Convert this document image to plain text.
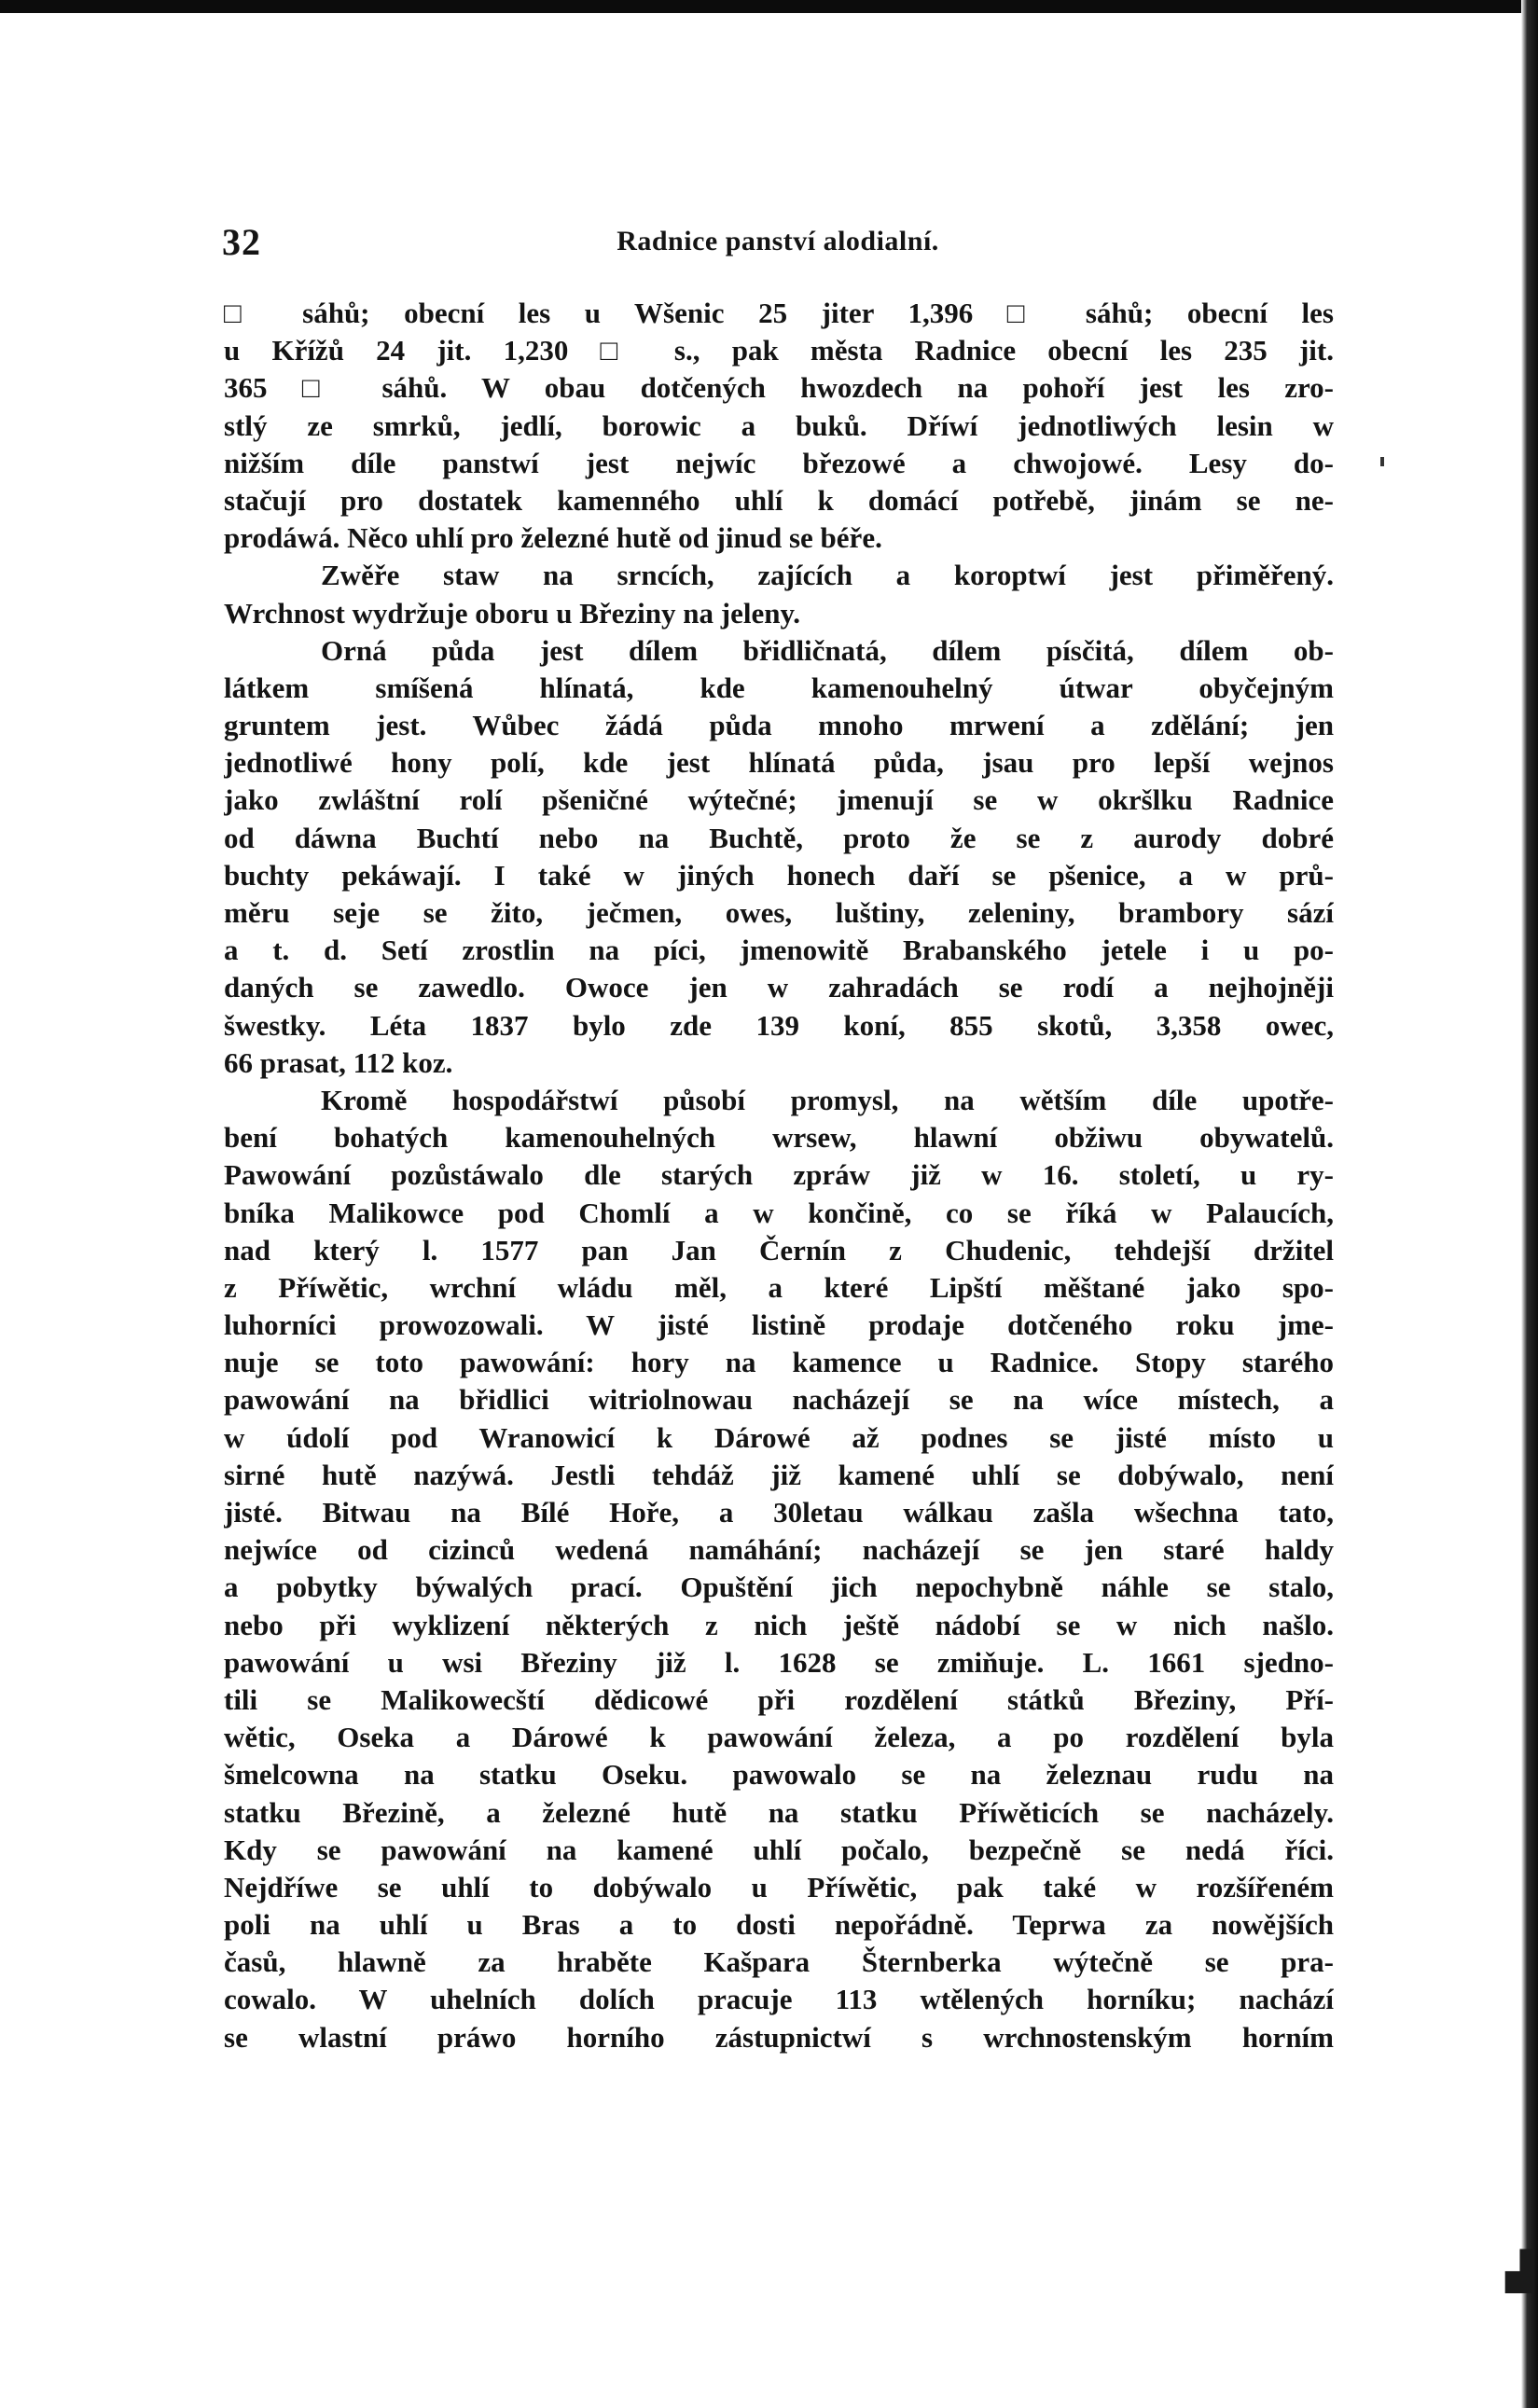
32	Radnice panství alodialní.
□ sáhů; obecní les u Wšenic 25 jiter 1,396 □ sáhů; obecní les
u Křížů 24 jit. 1,230 □ s., pak města Radnice obecní les 235 jit.
365 □ sáhů. W obau dotčených hwozdech na pohoří jest les zro-
stlý ze smrků, jedlí, borowic a buků. Dříwí jednotliwých lesin w
nižším díle panstwí jest nejwíc březowé a chwojowé. Lesy do-
stačují pro dostatek kamenného uhlí k domácí potřebě, jinám se ne-
prodáwá. Něco uhlí pro železné hutě od jinud se béře.
Zwěře staw na srncích, zajících a koroptwí jest přiměřený.
Wrchnost wydržuje oboru u Březiny na jeleny.
Orná půda jest dílem břidličnatá, dílem písčitá, dílem ob-
látkem smíšená hlínatá, kde kamenouhelný útwar obyčejným
gruntem jest. Wůbec žádá půda mnoho mrwení a zdělání; jen
jednotliwé hony polí, kde jest hlínatá půda, jsau pro lepší wejnos
jako zwláštní rolí pšeničné wýtečné; jmenují se w okršlku Radnice
od dáwna Buchtí nebo na Buchtě, proto že se z aurody dobré
buchty pekáwají. I také w jiných honech daří se pšenice, a w prů-
měru seje se žito, ječmen, owes, luštiny, zeleniny, brambory sází
a t. d. Setí zrostlin na píci, jmenowitě Brabanského jetele i u po-
daných se zawedlo. Owoce jen w zahradách se rodí a nejhojněji
šwestky. Léta 1837 bylo zde 139 koní, 855 skotů, 3,358 owec,
66 prasat, 112 koz.
Kromě hospodářstwí působí promysl, na wětším díle upotře-
bení bohatých kamenouhelných wrsew, hlawní obžiwu obywatelů.
Pawowání pozůstáwalo dle starých zpráw již w 16. století, u ry-
bníka Malikowce pod Chomlí a w končině, co se říká w Palaucích,
nad který l. 1577 pan Jan Černín z Chudenic, tehdejší držitel
z Příwětic, wrchní wládu měl, a které Lipští měštané jako spo-
luhorníci prowozowali. W jisté listině prodaje dotčeného roku jme-
nuje se toto pawowání: hory na kamence u Radnice. Stopy starého
pawowání na břidlici witriolnowau nacházejí se na wíce místech, a
w údolí pod Wranowicí k Dárowé až podnes se jisté místo u
sirné hutě nazýwá. Jestli tehdáž již kamené uhlí se dobýwalo, není
jisté. Bitwau na Bílé Hoře, a 30letau wálkau zašla wšechna tato,
nejwíce od cizinců wedená namáhání; nacházejí se jen staré haldy
a pobytky býwalých prací. Opuštění jich nepochybně náhle se stalo,
nebo při wyklizení některých z nich ještě nádobí se w nich našlo.
pawowání u wsi Březiny již l. 1628 se zmiňuje. L. 1661 sjedno-
tili se Malikowecští dědicowé při rozdělení státků Březiny, Pří-
wětic, Oseka a Dárowé k pawowání železa, a po rozdělení byla
šmelcowna na statku Oseku. pawowalo se na železnau rudu na
statku Březině, a železné hutě na statku Příwěticích se nacházely.
Kdy se pawowání na kamené uhlí počalo, bezpečně se nedá říci.
Nejdříwe se uhlí to dobýwalo u Příwětic, pak také w rozšířeném
poli na uhlí u Bras a to dosti nepořádně. Teprwa za nowějších
časů, hlawně za hraběte Kašpara Šternberka wýtečně se pra-
cowalo. W uhelních dolích pracuje 113 wtělených horníku; nachází
se wlastní práwo horního zástupnictwí s wrchnostenským horním
▟
